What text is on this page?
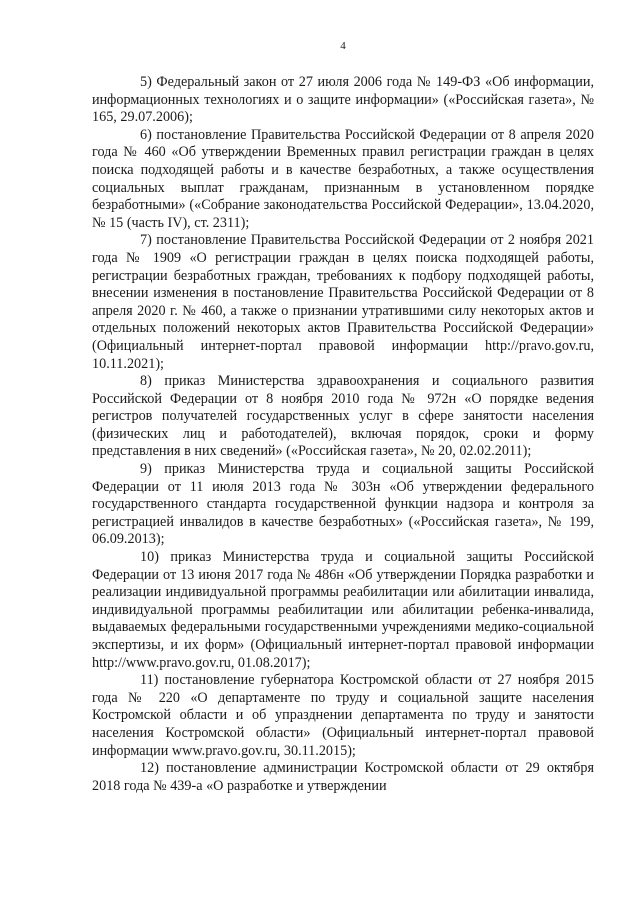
4

5) Федеральный закон от 27 июля 2006 года № 149-ФЗ «Об информации, информационных технологиях и о защите информации» («Российская газета», № 165, 29.07.2006);

6) постановление Правительства Российской Федерации от 8 апреля 2020 года № 460 «Об утверждении Временных правил регистрации граждан в целях поиска подходящей работы и в качестве безработных, а также осуществления социальных выплат гражданам, признанным в установленном порядке безработными» («Собрание законодательства Российской Федерации», 13.04.2020, № 15 (часть IV), ст. 2311);

7) постановление Правительства Российской Федерации от 2 ноября 2021 года № 1909 «О регистрации граждан в целях поиска подходящей работы, регистрации безработных граждан, требованиях к подбору подходящей работы, внесении изменения в постановление Правительства Российской Федерации от 8 апреля 2020 г. № 460, а также о признании утратившими силу некоторых актов и отдельных положений некоторых актов Правительства Российской Федерации» (Официальный интернет-портал правовой информации http://pravo.gov.ru, 10.11.2021);

8) приказ Министерства здравоохранения и социального развития Российской Федерации от 8 ноября 2010 года № 972н «О порядке ведения регистров получателей государственных услуг в сфере занятости населения (физических лиц и работодателей), включая порядок, сроки и форму представления в них сведений» («Российская газета», № 20, 02.02.2011);

9) приказ Министерства труда и социальной защиты Российской Федерации от 11 июля 2013 года № 303н «Об утверждении федерального государственного стандарта государственной функции надзора и контроля за регистрацией инвалидов в качестве безработных» («Российская газета», № 199, 06.09.2013);

10) приказ Министерства труда и социальной защиты Российской Федерации от 13 июня 2017 года № 486н «Об утверждении Порядка разработки и реализации индивидуальной программы реабилитации или абилитации инвалида, индивидуальной программы реабилитации или абилитации ребенка-инвалида, выдаваемых федеральными государственными учреждениями медико-социальной экспертизы, и их форм» (Официальный интернет-портал правовой информации http://www.pravo.gov.ru, 01.08.2017);

11) постановление губернатора Костромской области от 27 ноября 2015 года № 220 «О департаменте по труду и социальной защите населения Костромской области и об упразднении департамента по труду и занятости населения Костромской области» (Официальный интернет-портал правовой информации www.pravo.gov.ru, 30.11.2015);

12) постановление администрации Костромской области от 29 октября 2018 года № 439-а «О разработке и утверждении
